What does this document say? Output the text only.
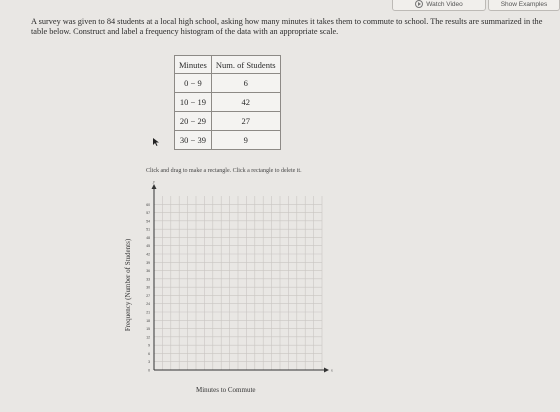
Watch Video	Show Examples
A survey was given to 84 students at a local high school, asking how many minutes it takes them to commute to school. The results are summarized in the table below. Construct and label a frequency histogram of the data with an appropriate scale.
Minutes	Num. of Students
0 − 9	6
10 − 19	42
20 − 29	27
30 − 39	9
Click and drag to make a rectangle. Click a rectangle to delete it.
Frequency (Number of Students)
0
3
6
9
12
15
18
21
24
27
30
33
36
39
42
45
48
51
54
57
60
y
x
Minutes to Commute
